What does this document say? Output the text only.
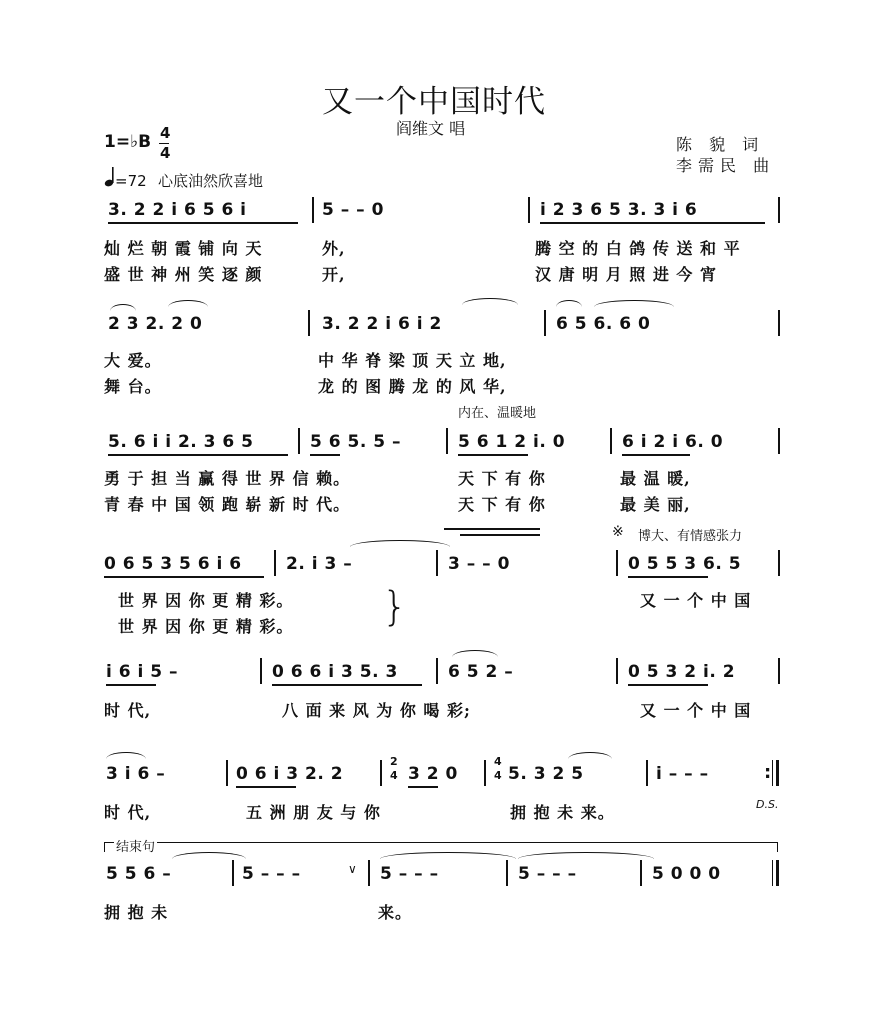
又一个中国时代
阎维文 唱
陈 貌 词
李需民 曲
1=♭B 4
4
=72 心底油然欣喜地
3. 2 2 i 6 5 6 i	5 – – 0	i 2 3 6 5 3. 3 i 6
灿 烂 朝 霞 铺 向 天	外,	腾 空 的 白 鸽 传 送 和 平
盛 世 神 州 笑 逐 颜	开,	汉 唐 明 月 照 进 今 宵
2 3 2. 2 0	3. 2 2 i 6 i 2	6 5 6. 6 0
大 爱。	中 华 脊 梁 顶 天 立 地,
舞 台。	龙 的 图 腾 龙 的 风 华,
内在、温暖地
5. 6 i i 2. 3 6 5	5 6 5. 5 –	5 6 1 2 i. 0	6 i 2 i 6. 0
勇 于 担 当 赢 得 世 界 信 赖。	天 下 有 你	最 温 暖,
青 春 中 国 领 跑 崭 新 时 代。	天 下 有 你	最 美 丽,
※ 博大、有情感张力
0 6 5 3 5 6 i 6	2. i 3 –	3 – – 0	0 5 5 3 6. 5
世 界 因 你 更 精 彩。
世 界 因 你 更 精 彩。 }	又 一 个 中 国
i 6 i 5 –	0 6 6 i 3 5. 3	6 5 2 –	0 5 3 2 i. 2
时 代,	八 面 来 风 为 你 喝 彩;	又 一 个 中 国
3 i 6 –	0 6 i 3 2. 2
2
4 3 2 0
4
4 5. 3 2 5	i – – –	:
时 代,	五 洲 朋 友 与 你	拥 抱 未 来。	D.S.
结束句
5 5 6 –	5 – – –	∨ 5 – – –	5 – – –	5 0 0 0
拥 抱 未	来。
